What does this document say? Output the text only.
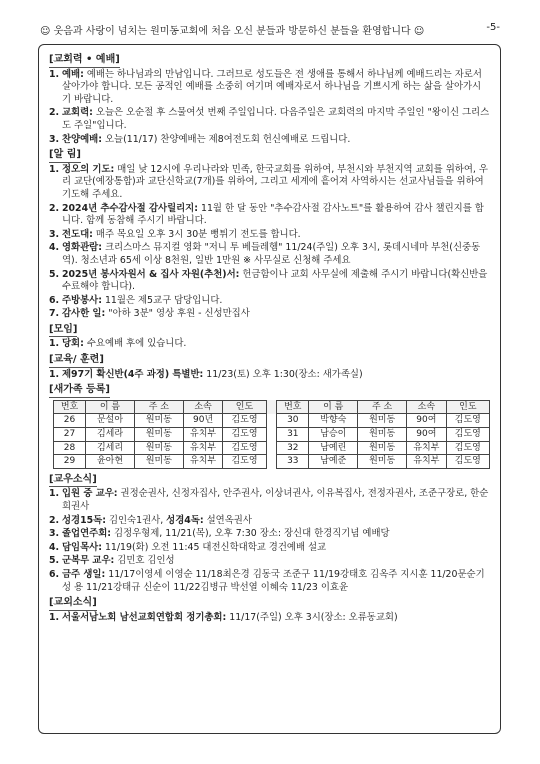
☺ 웃음과 사랑이 넘치는 원미동교회에 처음 오신 분들과 방문하신 분들을 환영합니다 ☺	-5-
[교회력 • 예배]
1. 예배: 예배는 하나님과의 만남입니다. 그러므로 성도들은 전 생애를 통해서 하나님께 예배드리는 자로서 살아가야 합니다. 모든 공적인 예배를 소중히 여기며 예배자로서 하나님을 기쁘시게 하는 삶을 살아가시기 바랍니다.
2. 교회력: 오늘은 오순절 후 스물여섯 번째 주일입니다. 다음주일은 교회력의 마지막 주일인 "왕이신 그리스도 주일"입니다.
3. 찬양예배: 오늘(11/17) 찬양예배는 제8여전도회 헌신예배로 드립니다.
[알 림]
1. 정오의 기도: 매일 낮 12시에 우리나라와 민족, 한국교회를 위하여, 부천시와 부천지역 교회를 위하여, 우리 교단(예장통합)과 교단신학교(7개)를 위하여, 그리고 세계에 흩어져 사역하시는 선교사님들을 위하여 기도해 주세요.
2. 2024년 추수감사절 감사릴리지: 11월 한 달 동안 "추수감사절 감사노트"를 활용하여 감사 챌린지를 합니다. 함께 동참해 주시기 바랍니다.
3. 전도대: 매주 목요일 오후 3시 30분 뻥튀기 전도를 합니다.
4. 영화관람: 크리스마스 뮤지컬 영화 "저니 투 베들레헴" 11/24(주일) 오후 3시, 롯데시네마 부천(신중동역). 청소년과 65세 이상 8천원, 일반 1만원 ※ 사무실로 신청해 주세요
5. 2025년 봉사자원서 & 집사 자원(추천)서: 헌금함이나 교회 사무실에 제출해 주시기 바랍니다(확신반을 수료해야 합니다).
6. 주방봉사: 11월은 제5교구 담당입니다.
7. 감사한 일: "아하 3분" 영상 후원 - 신성만집사
[모임]
1. 당회: 수요예배 후에 있습니다.
[교육/ 훈련]
1. 제97기 확신반(4주 과정) 특별반: 11/23(토) 오후 1:30(장소: 새가족실)
[새가족 등록]
번호	이 름	주 소	소속	인도		번호	이 름	주 소	소속	인도
26	문설아	원미동	90년	김도영		30	박향숙	원미동	90여	김도영
27	김세라	원미동	유치부	김도영		31	남승이	원미동	90여	김도영
28	김세리	원미동	유치부	김도영		32	남예린	원미동	유치부	김도영
29	윤아현	원미동	유치부	김도영		33	남예준	원미동	유치부	김도영
[교우소식]
1. 입원 중 교우: 권정순권사, 신정자집사, 안주권사, 이상녀권사, 이유복집사, 전정자권사, 조준구장로, 한순희권사
2. 성경15독: 김인숙1권사, 성경4독: 설연옥권사
3. 졸업연주회: 김정우형제, 11/21(목), 오후 7:30 장소: 장신대 한경직기념 예배당
4. 담임목사: 11/19(화) 오전 11:45 대전신학대학교 경건예배 설교
5. 군복무 교우: 김민호 김인성
6. 금주 생일: 11/17이영세 이영순 11/18최은경 김동국 조준구 11/19강태호 김옥주 지시훈 11/20문순기 성 용 11/21강태규 신순이 11/22김병규 박선열 이혜숙 11/23 이효윤
[교외소식]
1. 서울서남노회 남선교회연합회 정기총회: 11/17(주일) 오후 3시(장소: 오류동교회)
